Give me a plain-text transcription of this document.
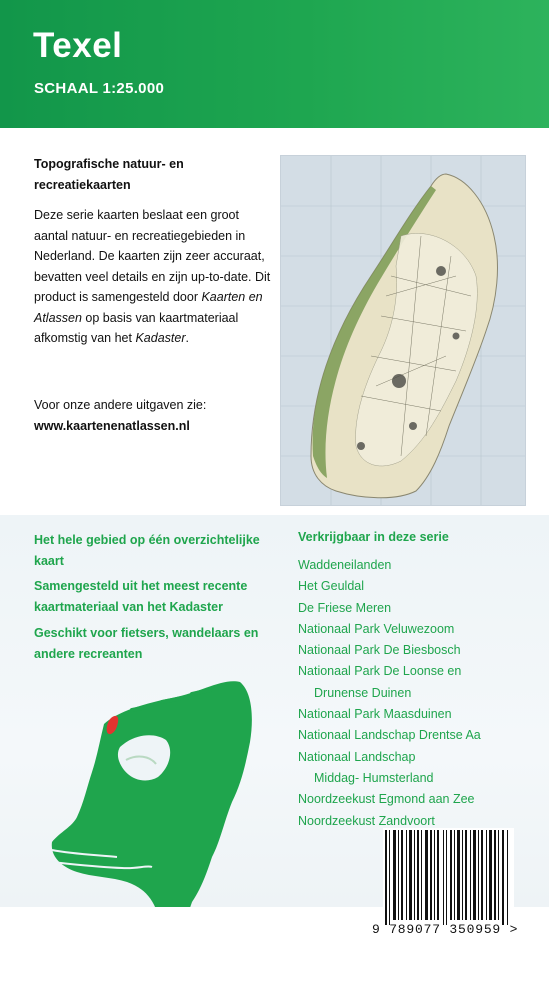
Texel
SCHAAL 1:25.000
Topografische natuur- en
recreatiekaarten
Deze serie kaarten beslaat een groot aantal natuur- en recreatiegebieden in Nederland. De kaarten zijn zeer accuraat, bevatten veel details en zijn up-to-date. Dit product is samengesteld door Kaarten en Atlassen op basis van kaartmateriaal afkomstig van het Kadaster.
Voor onze andere uitgaven zie:
www.kaartenenatlassen.nl
Het hele gebied op één overzichtelijke kaart
Samengesteld uit het meest recente kaartmateriaal van het Kadaster
Geschikt voor fietsers, wandelaars en andere recreanten
Verkrijgbaar in deze serie
Waddeneilanden
Het Geuldal
De Friese Meren
Nationaal Park Veluwezoom
Nationaal Park De Biesbosch
Nationaal Park De Loonse en
Drunense Duinen
Nationaal Park Maasduinen
Nationaal Landschap Drentse Aa
Nationaal Landschap
Middag- Humsterland
Noordzeekust Egmond aan Zee
Noordzeekust Zandvoort
9 789077 350959 >
